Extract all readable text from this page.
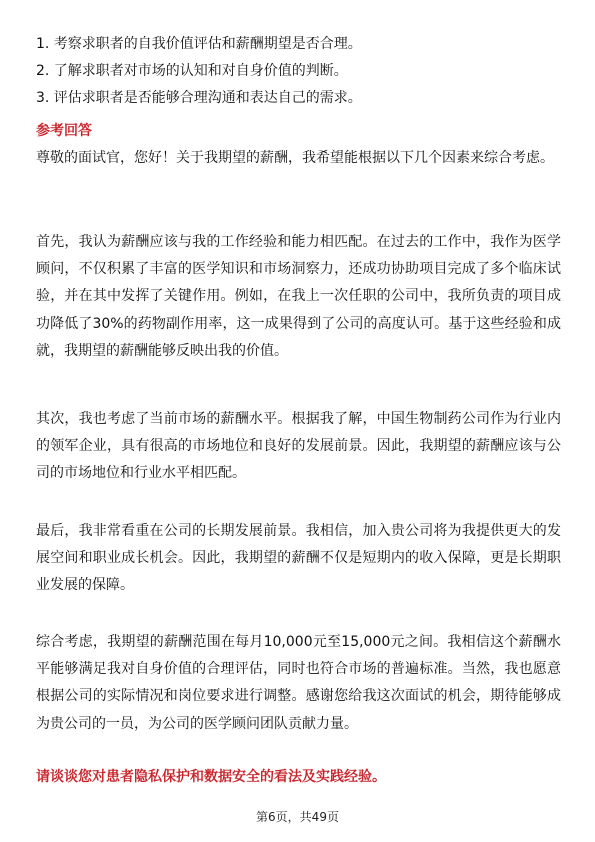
1. 考察求职者的自我价值评估和薪酬期望是否合理。
2. 了解求职者对市场的认知和对自身价值的判断。
3. 评估求职者是否能够合理沟通和表达自己的需求。
参考回答

尊敬的面试官，您好！关于我期望的薪酬，我希望能根据以下几个因素来综合考虑。

首先，我认为薪酬应该与我的工作经验和能力相匹配。在过去的工作中，我作为医学顾问，不仅积累了丰富的医学知识和市场洞察力，还成功协助项目完成了多个临床试验，并在其中发挥了关键作用。例如，在我上一次任职的公司中，我所负责的项目成功降低了30%的药物副作用率，这一成果得到了公司的高度认可。基于这些经验和成就，我期望的薪酬能够反映出我的价值。

其次，我也考虑了当前市场的薪酬水平。根据我了解，中国生物制药公司作为行业内的领军企业，具有很高的市场地位和良好的发展前景。因此，我期望的薪酬应该与公司的市场地位和行业水平相匹配。

最后，我非常看重在公司的长期发展前景。我相信，加入贵公司将为我提供更大的发展空间和职业成长机会。因此，我期望的薪酬不仅是短期内的收入保障，更是长期职业发展的保障。

综合考虑，我期望的薪酬范围在每月10,000元至15,000元之间。我相信这个薪酬水平能够满足我对自身价值的合理评估，同时也符合市场的普遍标准。当然，我也愿意根据公司的实际情况和岗位要求进行调整。感谢您给我这次面试的机会，期待能够成为贵公司的一员，为公司的医学顾问团队贡献力量。

请谈谈您对患者隐私保护和数据安全的看法及实践经验。
第6页，共49页
